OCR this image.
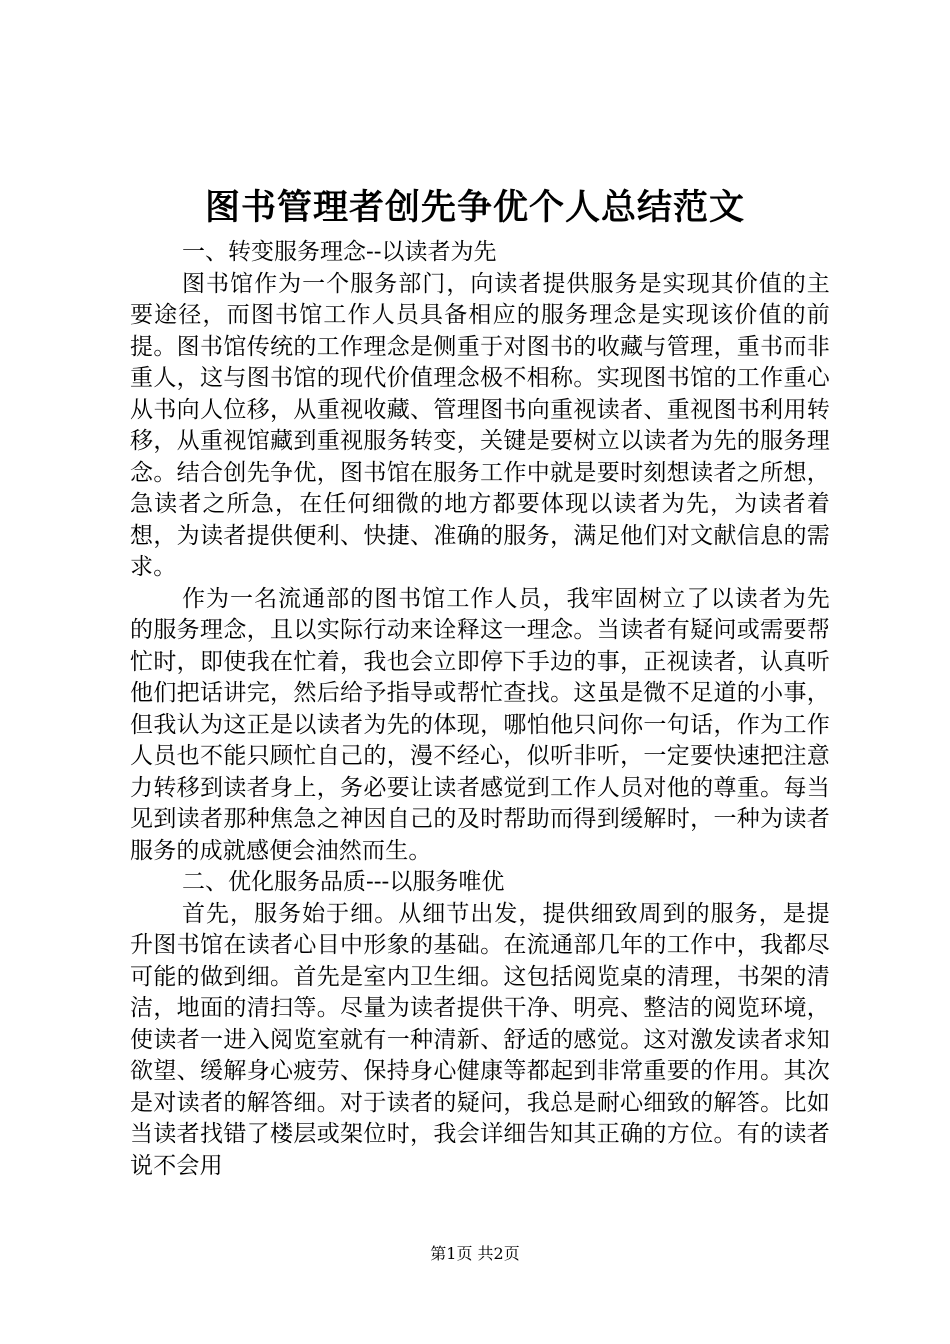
图书管理者创先争优个人总结范文

一、转变服务理念--以读者为先

图书馆作为一个服务部门，向读者提供服务是实现其价值的主要途径，而图书馆工作人员具备相应的服务理念是实现该价值的前提。图书馆传统的工作理念是侧重于对图书的收藏与管理，重书而非重人，这与图书馆的现代价值理念极不相称。实现图书馆的工作重心从书向人位移，从重视收藏、管理图书向重视读者、重视图书利用转移，从重视馆藏到重视服务转变，关键是要树立以读者为先的服务理念。结合创先争优，图书馆在服务工作中就是要时刻想读者之所想，急读者之所急，在任何细微的地方都要体现以读者为先，为读者着想，为读者提供便利、快捷、准确的服务，满足他们对文献信息的需求。

作为一名流通部的图书馆工作人员，我牢固树立了以读者为先的服务理念，且以实际行动来诠释这一理念。当读者有疑问或需要帮忙时，即使我在忙着，我也会立即停下手边的事，正视读者，认真听他们把话讲完，然后给予指导或帮忙查找。这虽是微不足道的小事，但我认为这正是以读者为先的体现，哪怕他只问你一句话，作为工作人员也不能只顾忙自己的，漫不经心，似听非听，一定要快速把注意力转移到读者身上，务必要让读者感觉到工作人员对他的尊重。每当见到读者那种焦急之神因自己的及时帮助而得到缓解时，一种为读者服务的成就感便会油然而生。

二、优化服务品质---以服务唯优

首先，服务始于细。从细节出发，提供细致周到的服务，是提升图书馆在读者心目中形象的基础。在流通部几年的工作中，我都尽可能的做到细。首先是室内卫生细。这包括阅览桌的清理，书架的清洁，地面的清扫等。尽量为读者提供干净、明亮、整洁的阅览环境，使读者一进入阅览室就有一种清新、舒适的感觉。这对激发读者求知欲望、缓解身心疲劳、保持身心健康等都起到非常重要的作用。其次是对读者的解答细。对于读者的疑问，我总是耐心细致的解答。比如当读者找错了楼层或架位时，我会详细告知其正确的方位。有的读者说不会用

第1页 共2页
